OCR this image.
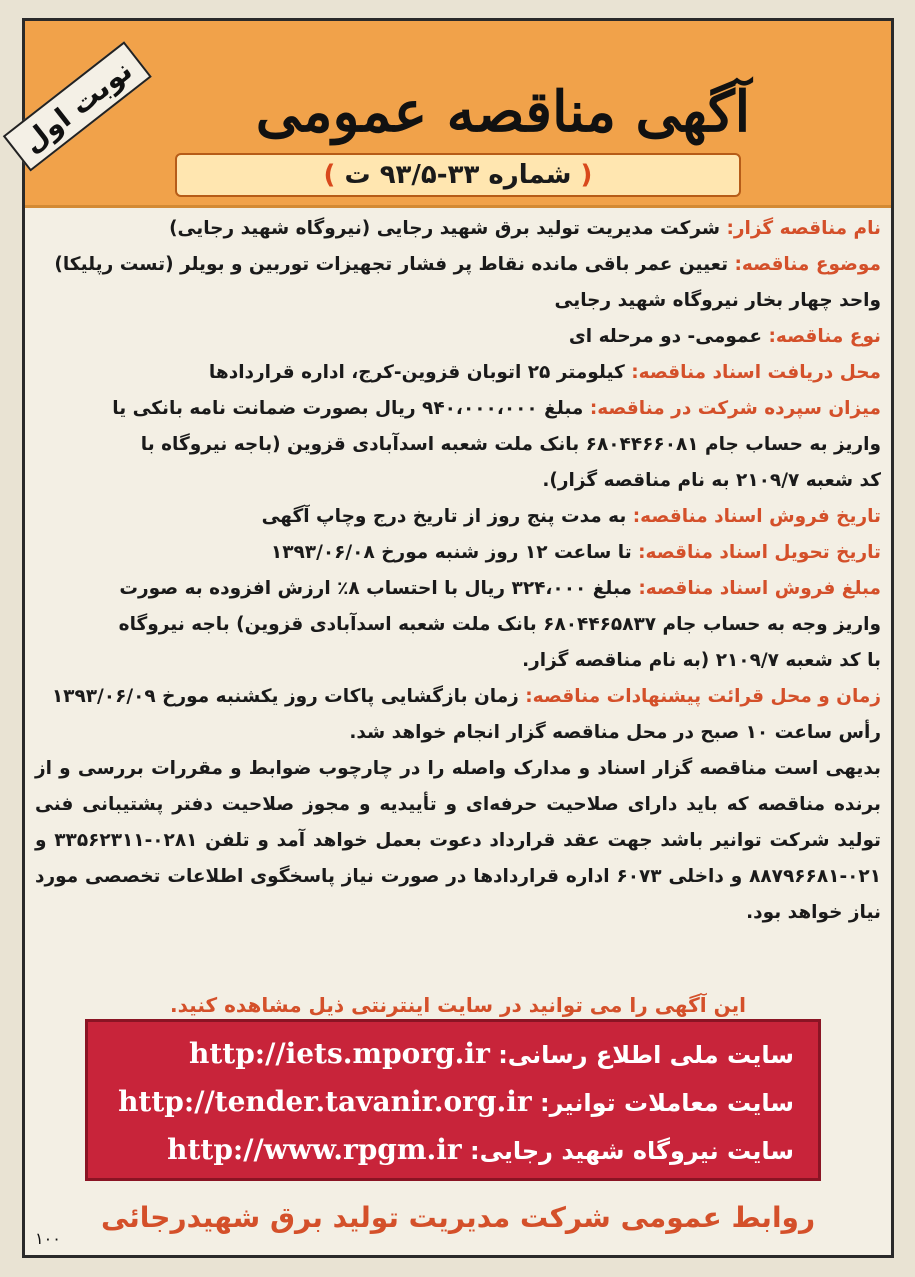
نوبت اول	آگهی مناقصه عمومی
( شماره ۳۳-۹۳/۵ ت )
نام مناقصه گزار: شرکت مدیریت تولید برق شهید رجایی (نیروگاه شهید رجایی)
موضوع مناقصه: تعیین عمر باقی مانده نقاط پر فشار تجهیزات توربین و بویلر (تست رپلیکا)
واحد چهار بخار نیروگاه شهید رجایی
نوع مناقصه: عمومی- دو مرحله ای
محل دریافت اسناد مناقصه: کیلومتر ۲۵ اتوبان قزوین-کرج، اداره قراردادها
میزان سپرده شرکت در مناقصه: مبلغ ۹۴۰،۰۰۰،۰۰۰ ریال بصورت ضمانت نامه بانکی یا
واریز به حساب جام ۶۸۰۴۴۶۶۰۸۱ بانک ملت شعبه اسدآبادی قزوین (باجه نیروگاه با
کد شعبه ۲۱۰۹/۷ به نام مناقصه گزار).
تاریخ فروش اسناد مناقصه: به مدت پنج روز از تاریخ درج وچاپ آگهی
تاریخ تحویل اسناد مناقصه: تا ساعت ۱۲ روز شنبه مورخ ۱۳۹۳/۰۶/۰۸
مبلغ فروش اسناد مناقصه: مبلغ ۳۲۴،۰۰۰ ریال با احتساب ۸٪ ارزش افزوده به صورت
واریز وجه به حساب جام ۶۸۰۴۴۶۵۸۳۷ بانک ملت شعبه اسدآبادی قزوین) باجه نیروگاه
با کد شعبه ۲۱۰۹/۷ (به نام مناقصه گزار.
زمان و محل قرائت پیشنهادات مناقصه: زمان بازگشایی پاکات روز یکشنبه مورخ ۱۳۹۳/۰۶/۰۹
رأس ساعت ۱۰ صبح در محل مناقصه گزار انجام خواهد شد.
بدیهی است مناقصه گزار اسناد و مدارک واصله را در چارچوب ضوابط و مقررات بررسی و از برنده مناقصه که باید دارای صلاحیت حرفه‌ای و تأییدیه و مجوز صلاحیت دفتر پشتیبانی فنی تولید شرکت توانیر باشد جهت عقد قرارداد دعوت بعمل خواهد آمد و تلفن ۰۲۸۱-۳۳۵۶۲۳۱۱ و ۰۲۱-۸۸۷۹۶۶۸۱ و داخلی ۶۰۷۳ اداره قراردادها در صورت نیاز پاسخگوی اطلاعات تخصصی مورد نیاز خواهد بود.
این آگهی را می توانید در سایت اینترنتی ذیل مشاهده کنید.
سایت ملی اطلاع رسانی: http://iets.mporg.ir
سایت معاملات توانیر: http://tender.tavanir.org.ir
سایت نیروگاه شهید رجایی: http://www.rpgm.ir
روابط عمومی شرکت مدیریت تولید برق شهیدرجائی
۱۰۰
